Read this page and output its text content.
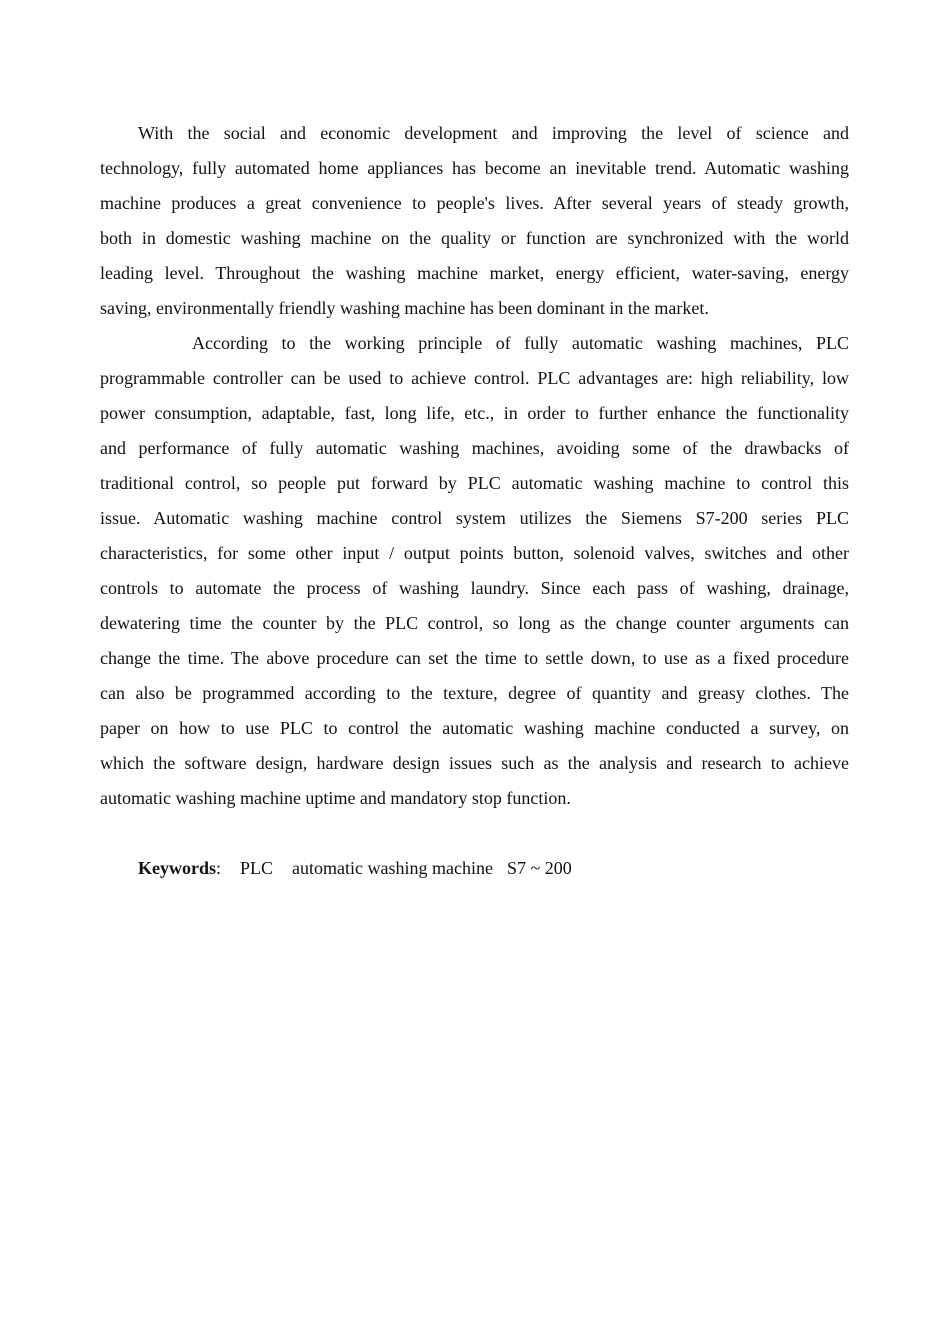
With the social and economic development and improving the level of science and
technology, fully automated home appliances has become an inevitable trend. Automatic washing
machine produces a great convenience to people's lives. After several years of steady growth,
both in domestic washing machine on the quality or function are synchronized with the world
leading level. Throughout the washing machine market, energy efficient, water-saving, energy
saving, environmentally friendly washing machine has been dominant in the market.
According to the working principle of fully automatic washing machines, PLC
programmable controller can be used to achieve control. PLC advantages are: high reliability, low
power consumption, adaptable, fast, long life, etc., in order to further enhance the functionality
and performance of fully automatic washing machines, avoiding some of the drawbacks of
traditional control, so people put forward by PLC automatic washing machine to control this
issue. Automatic washing machine control system utilizes the Siemens S7-200 series PLC
characteristics, for some other input / output points button, solenoid valves, switches and other
controls to automate the process of washing laundry. Since each pass of washing, drainage,
dewatering time the counter by the PLC control, so long as the change counter arguments can
change the time. The above procedure can set the time to settle down, to use as a fixed procedure
can also be programmed according to the texture, degree of quantity and greasy clothes. The
paper on how to use PLC to control the automatic washing machine conducted a survey, on
which the software design, hardware design issues such as the analysis and research to achieve
automatic washing machine uptime and mandatory stop function.
Keywords: PLC automatic washing machine S7 ~ 200
